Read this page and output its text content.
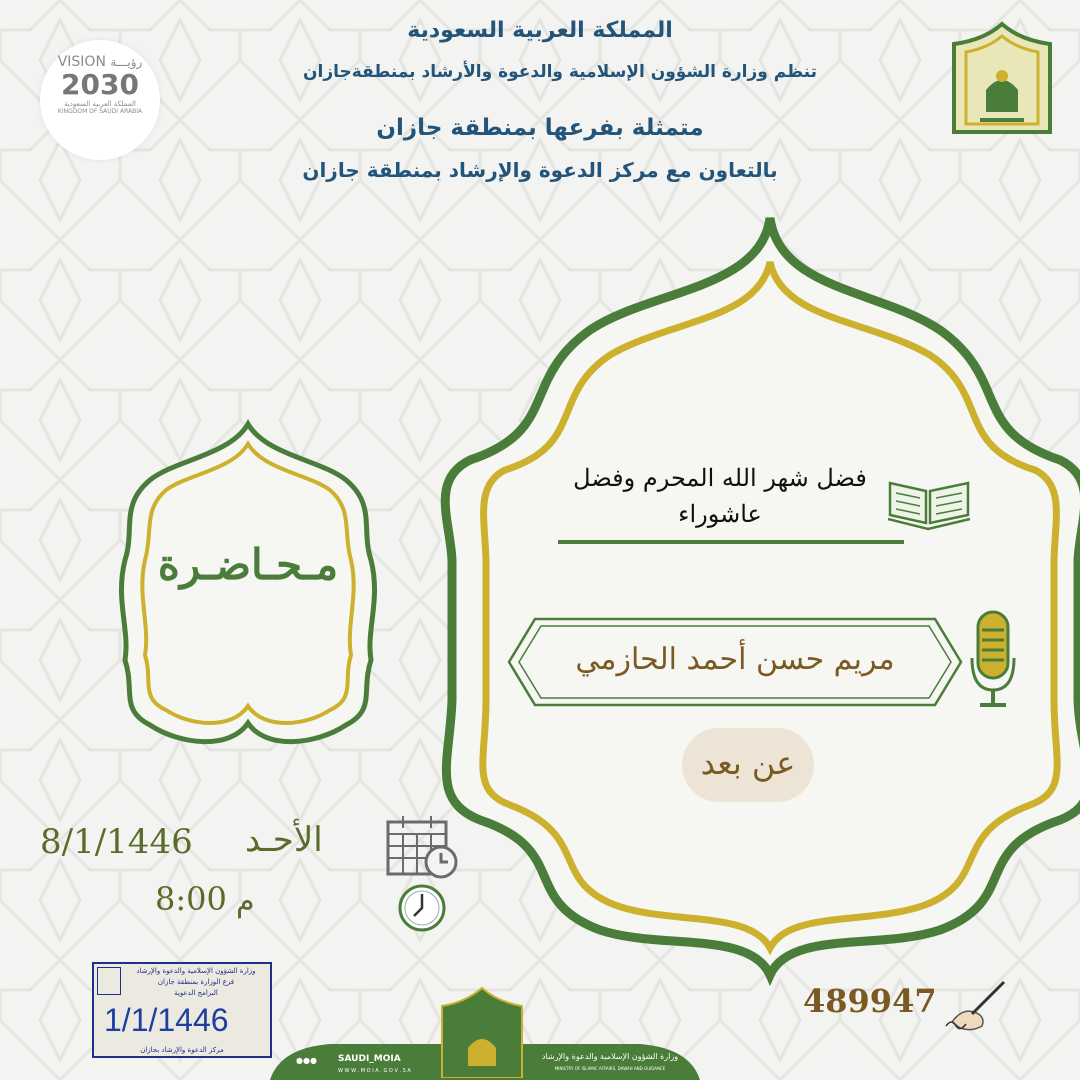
المملكة العربية السعودية
تنظم وزارة الشؤون الإسلامية والدعوة والأرشاد بمنطقةجازان
متمثلة بفرعها بمنطقة جازان
بالتعاون مع مركز الدعوة والإرشاد بمنطقة جازان
VISION رؤيـــة
2030
المملكة العربية السعودية
KINGDOM OF SAUDI ARABIA
مـحـاضـرة
فضل شهر الله المحرم وفضل
عاشوراء
مريم حسن أحمد الحازمي
عن بعد
الأحـد
8/1/1446
8:00 م
489947
وزارة الشؤون الإسلامية والدعوة والإرشاد
فرع الوزارة بمنطقة جازان
البرامج الدعوية
مركز الدعوة والإرشاد بجازان
1/1/1446
وزارة الشؤون الإسلامية والدعوة والإرشاد
MINISTRY OF ISLAMIC AFFAIRS, DAWAH AND GUIDANCE
●●● SAUDI_MOIA
W W W . M O I A . G O V . S A
